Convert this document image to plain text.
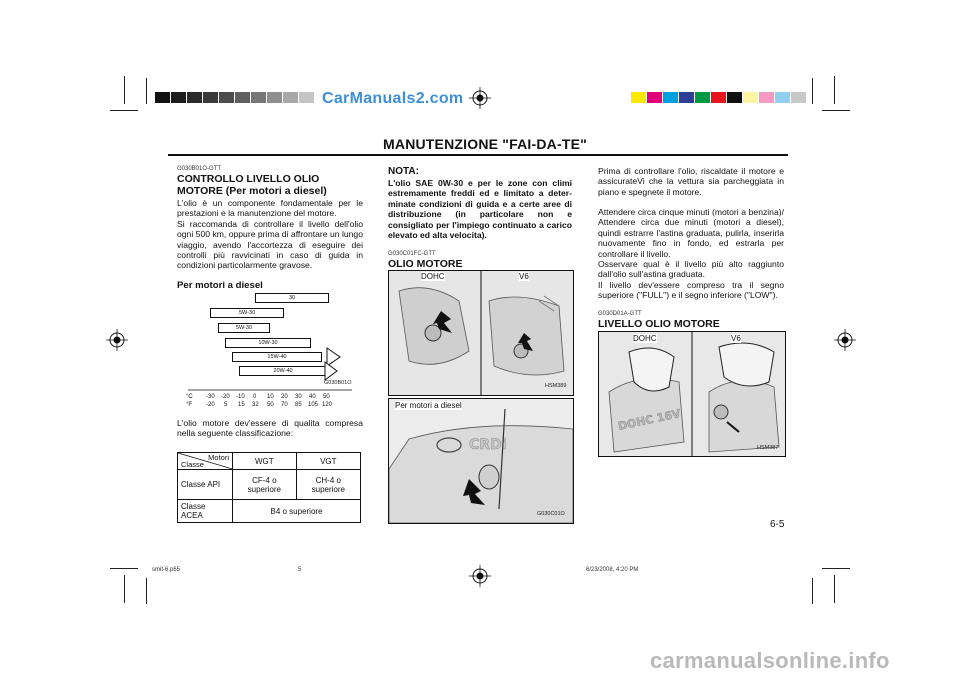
CarManuals2.com
MANUTENZIONE "FAI-DA-TE"
G030B01O-GTT
CONTROLLO LIVELLO OLIO
MOTORE (Per motori a diesel)
L'olio è un componente fondamentale per le prestazioni e la manutenzione del motore.
Si raccomanda di controllare il livello dell'olio ogni 500 km, oppure prima di affrontare un lungo viaggio, avendo l'accortezza di eseguire dei controlli più ravvicinati in caso di guida in condizioni particolarmente gravose.
Per motori a diesel
30
5W-30
5W-30
10W-30
15W-40
20W-40
G030B01O
°C
°F
-30 -20 -10 0 10 20 30 40 50
-20 5 15 32 50 70 85 105 120
L'olio motore dev'essere di qualita compresa nella seguente classificazione:
Motori
Classe	WGT	VGT
Classe API	CF-4 o superiore	CH-4 o superiore
Classe ACEA	B4 o superiore	
NOTA:
L'olio SAE 0W-30 e per le zone con climi estremamente freddi ed e limitato a deter-minate condizioni di guida e a certe aree di distribuzione (in particolare non e consigliato per l'impiego continuato a carico elevato ed alta velocita).
G030C01FC-GTT
OLIO MOTORE
DOHC	V6
HSM389
CRDi
Per motori a diesel
G030C01O
Prima di controllare l'olio, riscaldate il motore e assicurateVi che la vettura sia parcheggiata in piano e spegnete il motore.
Attendere circa cinque minuti (motori a benzina)/ Attendere circa due minuti (motori a diesel), quindi estrarre l'astina graduata, pulirla, inserirla nuovamente fino in fondo, ed estrarla per controllare il livello.
Osservare qual è il livello più alto raggiunto dall'olio sull'astina graduata.
Il livello dev'essere compreso tra il segno superiore ("FULL") e il segno inferiore ("LOW").
G030D01A-GTT
LIVELLO OLIO MOTORE
DOHC 16V
DOHC	V6
HSM387
6-5
smit-6.p65	5	6/23/2008, 4:20 PM
carmanualsonline.info
